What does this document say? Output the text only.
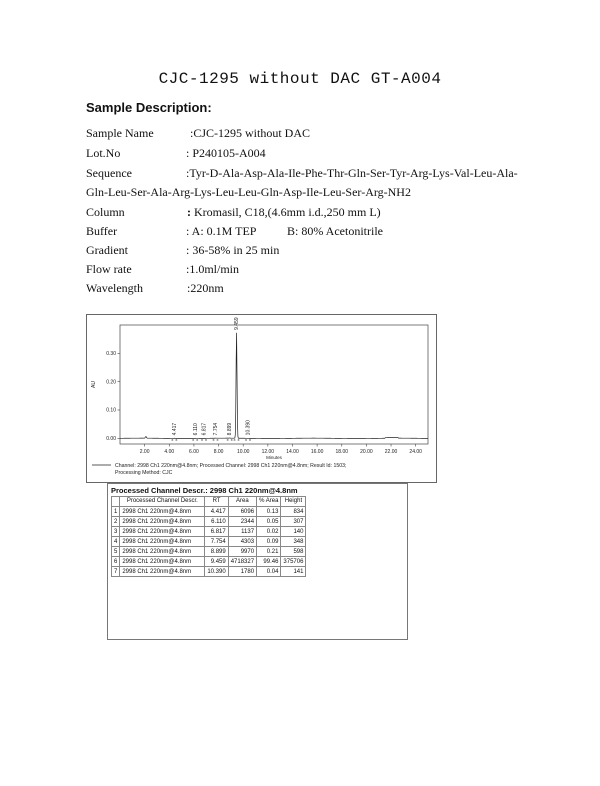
CJC-1295 without DAC GT-A004
Sample Description:
Sample Name	:CJC-1295 without DAC
Lot.No	: P240105-A004
Sequence	:Tyr-D-Ala-Asp-Ala-Ile-Phe-Thr-Gln-Ser-Tyr-Arg-Lys-Val-Leu-Ala-
Gln-Leu-Ser-Ala-Arg-Lys-Leu-Leu-Gln-Asp-Ile-Leu-Ser-Arg-NH2
Column	: Kromasil, C18,(4.6mm i.d.,250 mm L)
Buffer	: A: 0.1M TEP	B: 80% Acetonitrile
Gradient	: 36-58% in 25 min
Flow rate	:1.0ml/min
Wavelength	:220nm
2.00	4.00	6.00	8.00	10.00 12.00 14.00 16.00 18.00 20.00 22.00 24.00
0.00
0.10
0.20
0.30
Minutes
AU
4.417
x x
6.110
x x
6.817
x x
7.754
x x
8.899
x x
9.459
x x
10.390
x x
Channel: 2998 Ch1 220nm@4.8nm; Processed Channel: 2998 Ch1 220nm@4.8nm; Result Id: 1503;
Processing Method: CJC
Processed Channel Descr.: 2998 Ch1 220nm@4.8nm
	Processed Channel Descr.	RT	Area	% Area	Height
1	2998 Ch1 220nm@4.8nm	4.417	6096	0.13	834
2	2998 Ch1 220nm@4.8nm	6.110	2344	0.05	307
3	2998 Ch1 220nm@4.8nm	6.817	1137	0.02	140
4	2998 Ch1 220nm@4.8nm	7.754	4303	0.09	348
5	2998 Ch1 220nm@4.8nm	8.899	9970	0.21	598
6	2998 Ch1 220nm@4.8nm	9.459	4718327	99.46	375706
7	2998 Ch1 220nm@4.8nm	10.390	1780	0.04	141
